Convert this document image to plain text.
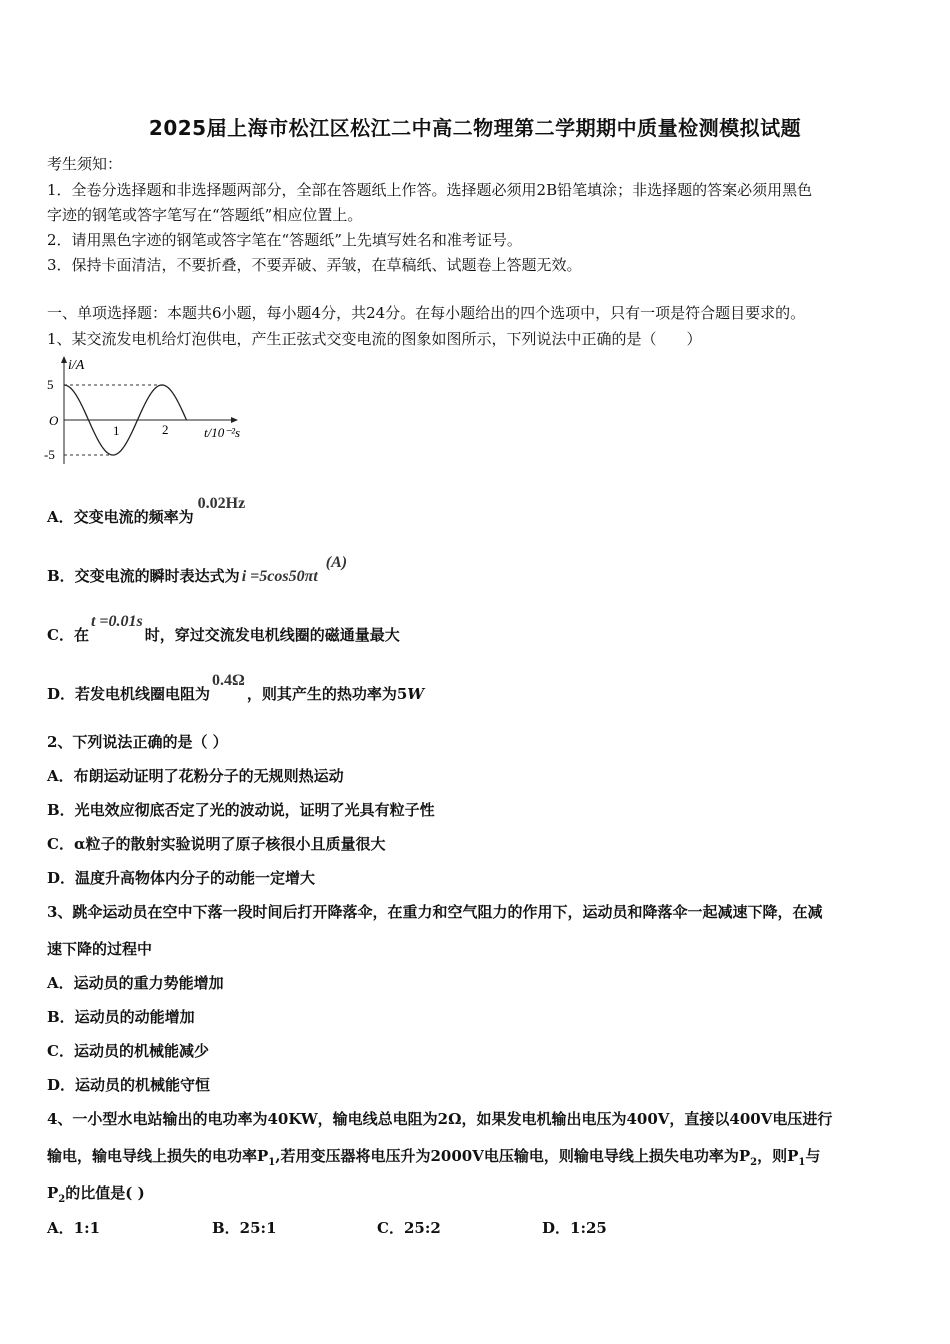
2025届上海市松江区松江二中高二物理第二学期期中质量检测模拟试题
考生须知：
1．全卷分选择题和非选择题两部分，全部在答题纸上作答。选择题必须用2B铅笔填涂；非选择题的答案必须用黑色
字迹的钢笔或答字笔写在“答题纸”相应位置上。
2．请用黑色字迹的钢笔或答字笔在“答题纸”上先填写姓名和准考证号。
3．保持卡面清洁，不要折叠，不要弄破、弄皱，在草稿纸、试题卷上答题无效。
一、单项选择题：本题共6小题，每小题4分，共24分。在每小题给出的四个选项中，只有一项是符合题目要求的。
1、某交流发电机给灯泡供电，产生正弦式交变电流的图象如图所示，下列说法中正确的是（　　）
i/A
5
O
-5
1	2	t/10⁻²s
A．交变电流的频率为0.02Hz
B．交变电流的瞬时表达式为 i =5cos50πt(A)
C．在t =0.01s时，穿过交流发电机线圈的磁通量最大
D．若发电机线圈电阻为0.4Ω，则其产生的热功率为5W
2、下列说法正确的是（ ）
A．布朗运动证明了花粉分子的无规则热运动
B．光电效应彻底否定了光的波动说，证明了光具有粒子性
C．α粒子的散射实验说明了原子核很小且质量很大
D．温度升高物体内分子的动能一定增大
3、跳伞运动员在空中下落一段时间后打开降落伞，在重力和空气阻力的作用下，运动员和降落伞一起减速下降，在减
速下降的过程中
A．运动员的重力势能增加
B．运动员的动能增加
C．运动员的机械能减少
D．运动员的机械能守恒
4、一小型水电站输出的电功率为40KW，输电线总电阻为2Ω，如果发电机输出电压为400V，直接以400V电压进行
输电，输电导线上损失的电功率$P_1$,若用变压器将电压升为2000V电压输电，则输电导线上损失电功率为$P_2$，则$P_1$与
$P_2$的比值是( )
A．1:1	B．25:1	C．25:2	D．1:25
